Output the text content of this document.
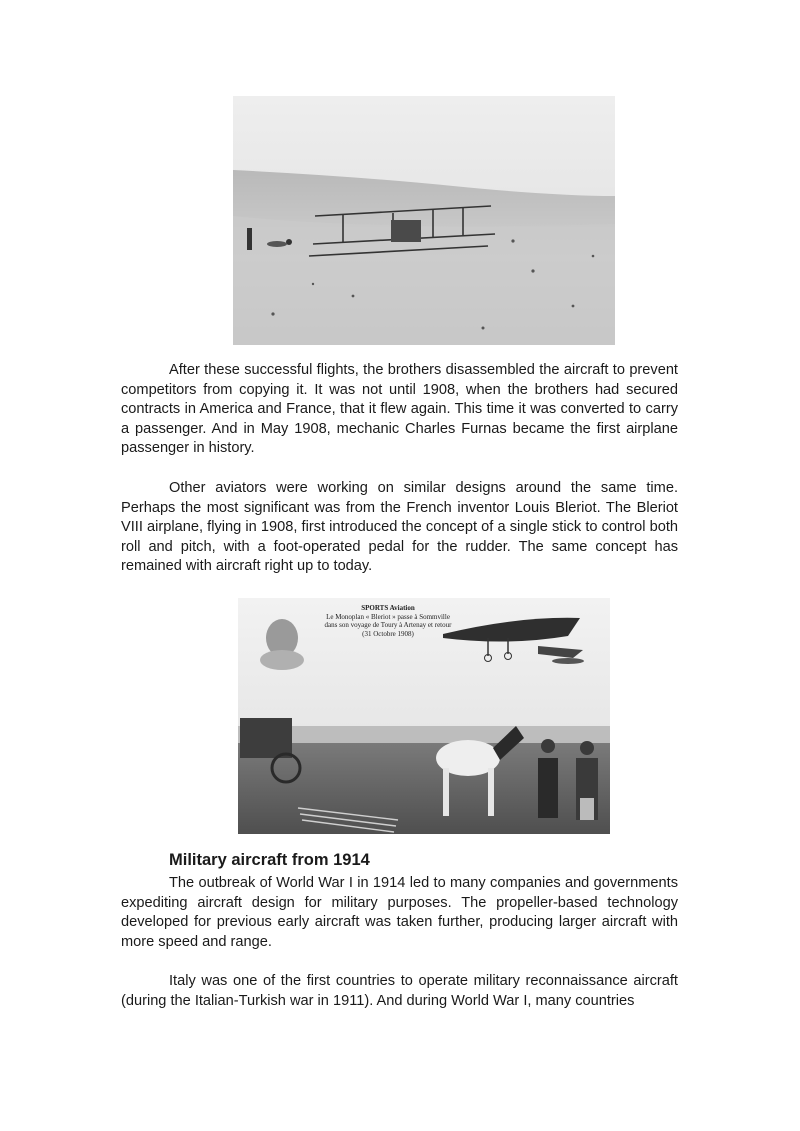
After these successful flights, the brothers disassembled the aircraft to prevent competitors from copying it. It was not until 1908, when the brothers had secured contracts in America and France, that it flew again. This time it was converted to carry a passenger. And in May 1908, mechanic Charles Furnas became the first airplane passenger in history.

Other aviators were working on similar designs around the same time. Perhaps the most significant was from the French inventor Louis Bleriot. The Bleriot VIII airplane, flying in 1908, first introduced the concept of a single stick to control both roll and pitch, with a foot-operated pedal for the rudder. The same concept has remained with aircraft right up to today.

SPORTS Aviation
Le Monoplan « Bleriot » passe à Sommville
dans son voyage de Toury à Artenay et retour
(31 Octobre 1908)
Military aircraft from 1914

The outbreak of World War I in 1914 led to many companies and governments expediting aircraft design for military purposes. The propeller-based technology developed for previous early aircraft was taken further, producing larger aircraft with more speed and range.

Italy was one of the first countries to operate military reconnaissance aircraft (during the Italian-Turkish war in 1911). And during World War I, many countries
